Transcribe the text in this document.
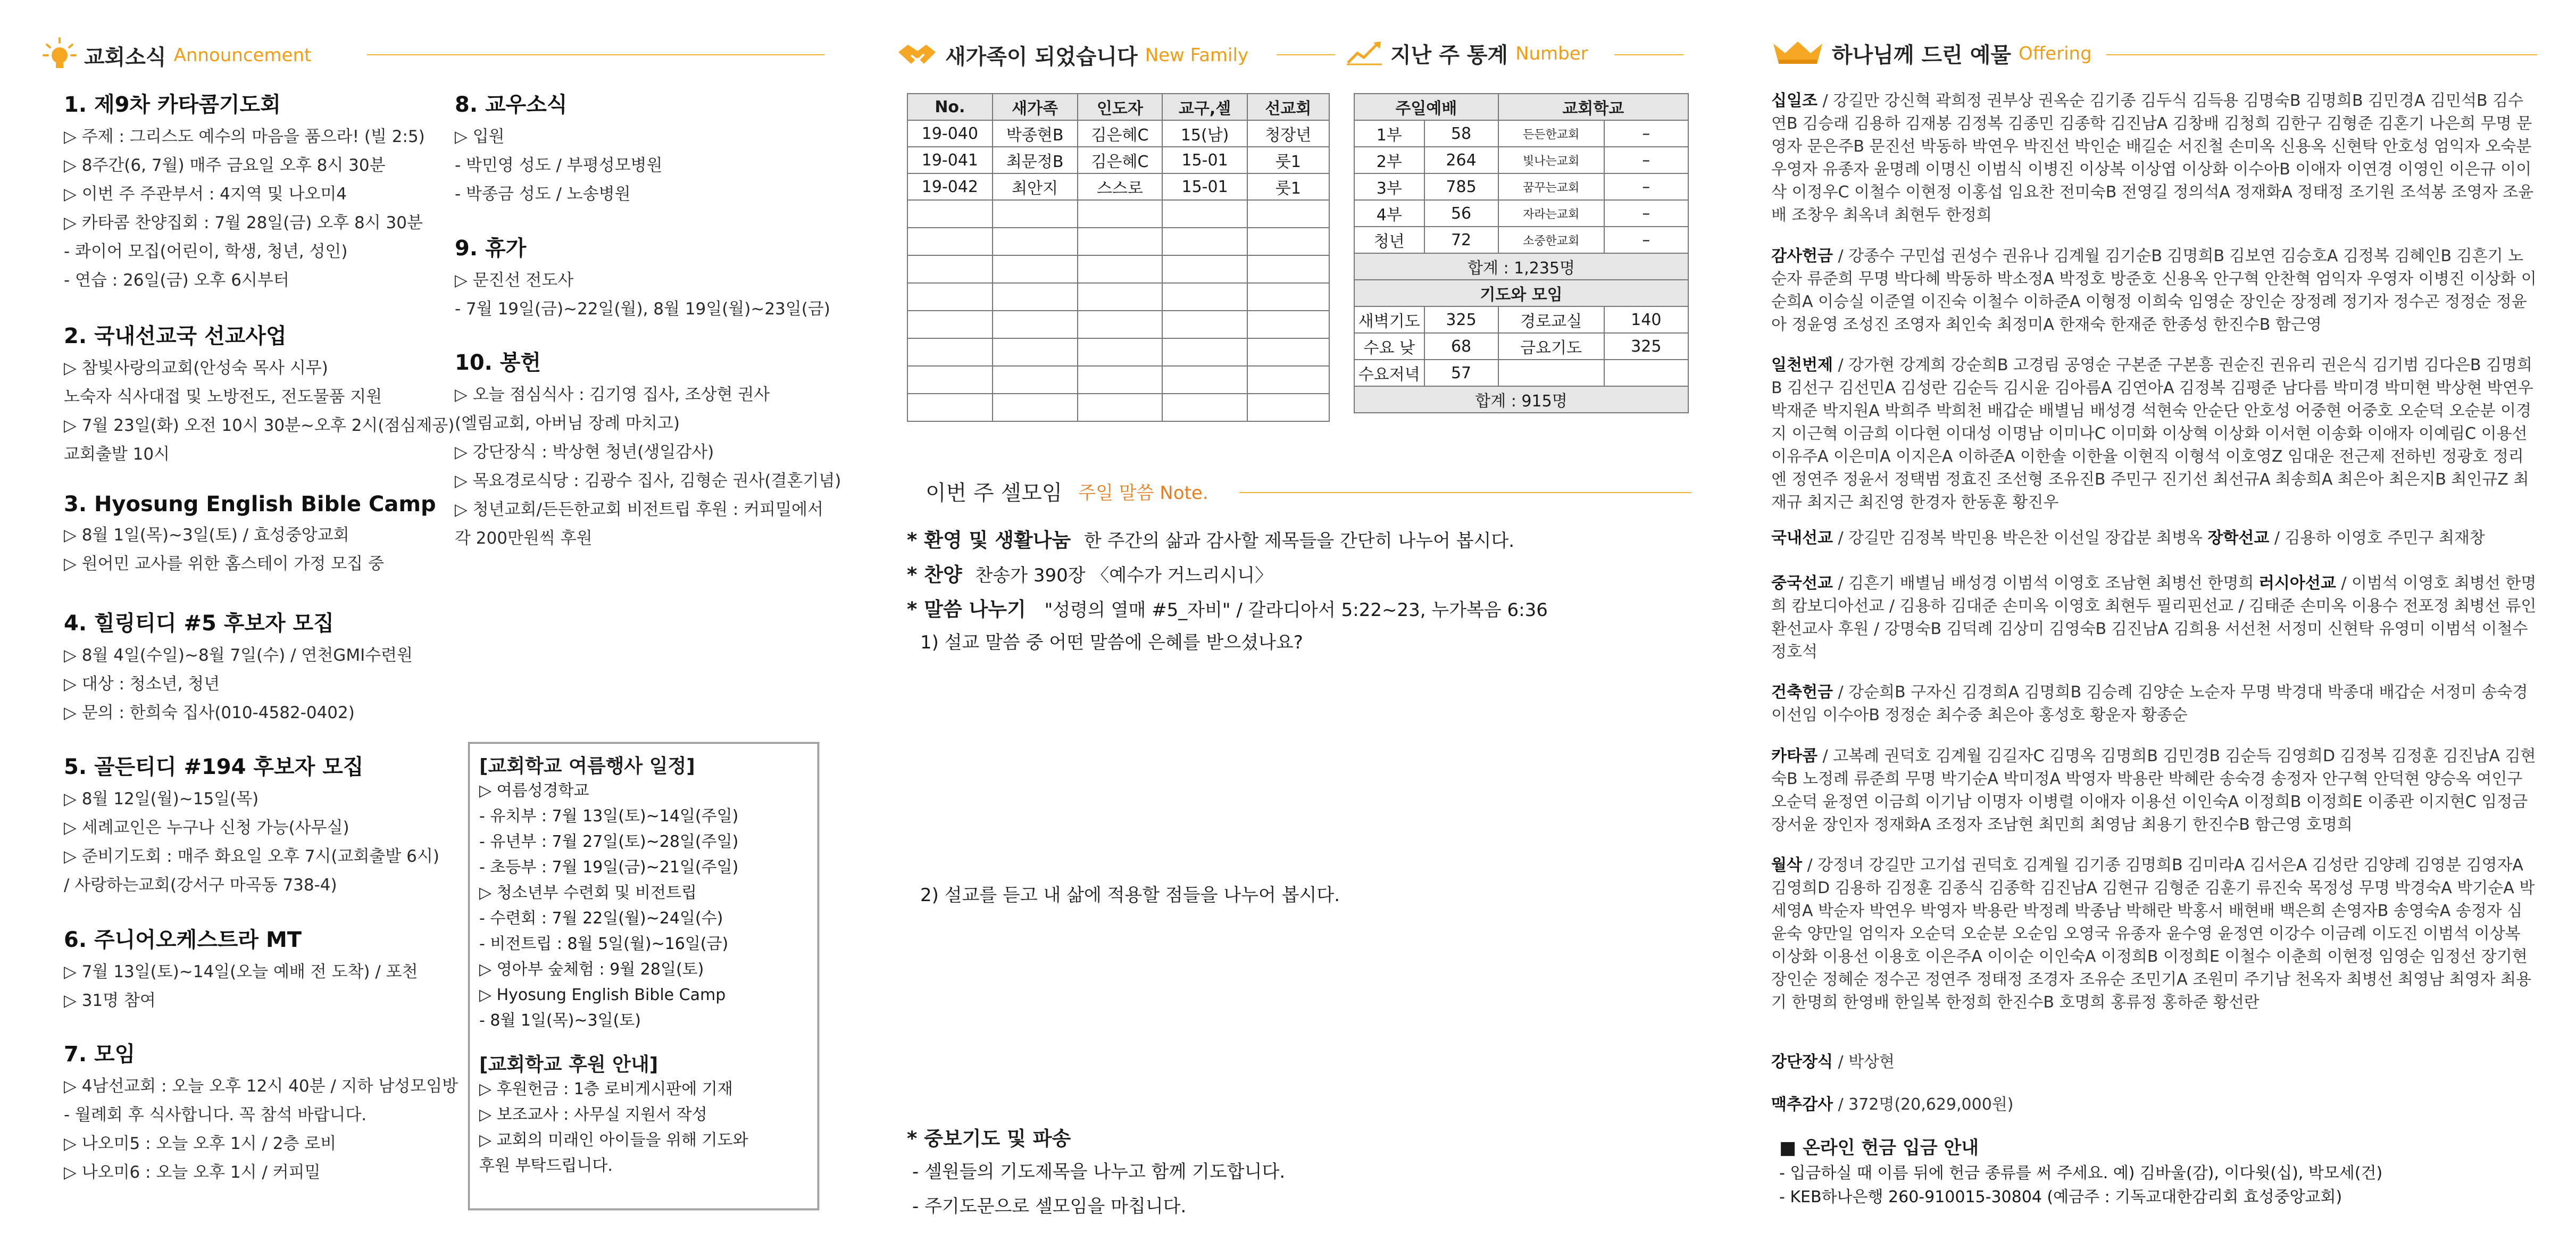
교회소식 Announcement
1. 제9차 카타콤기도회
▷ 주제 : 그리스도 예수의 마음을 품으라! (빌 2:5)
▷ 8주간(6, 7월) 매주 금요일 오후 8시 30분
▷ 이번 주 주관부서 : 4지역 및 나오미4
▷ 카타콤 찬양집회 : 7월 28일(금) 오후 8시 30분
- 콰이어 모집(어린이, 학생, 청년, 성인)
- 연습 : 26일(금) 오후 6시부터
2. 국내선교국 선교사업
▷ 참빛사랑의교회(안성숙 목사 시무)
노숙자 식사대접 및 노방전도, 전도물품 지원
▷ 7월 23일(화) 오전 10시 30분~오후 2시(점심제공)
교회출발 10시
3. Hyosung English Bible Camp
▷ 8월 1일(목)~3일(토) / 효성중앙교회
▷ 원어민 교사를 위한 홈스테이 가정 모집 중
4. 힐링티디 #5 후보자 모집
▷ 8월 4일(수일)~8월 7일(수) / 연천GMI수련원
▷ 대상 : 청소년, 청년
▷ 문의 : 한희숙 집사(010-4582-0402)
5. 골든티디 #194 후보자 모집
▷ 8월 12일(월)~15일(목)
▷ 세례교인은 누구나 신청 가능(사무실)
▷ 준비기도회 : 매주 화요일 오후 7시(교회출발 6시)
/ 사랑하는교회(강서구 마곡동 738-4)
6. 주니어오케스트라 MT
▷ 7월 13일(토)~14일(오늘 예배 전 도착) / 포천
▷ 31명 참여
7. 모임
▷ 4남선교회 : 오늘 오후 12시 40분 / 지하 남성모임방
- 월례회 후 식사합니다. 꼭 참석 바랍니다.
▷ 나오미5 : 오늘 오후 1시 / 2층 로비
▷ 나오미6 : 오늘 오후 1시 / 커피밀
8. 교우소식
▷ 입원
- 박민영 성도 / 부평성모병원
- 박종금 성도 / 노송병원
9. 휴가
▷ 문진선 전도사
- 7월 19일(금)~22일(월), 8월 19일(월)~23일(금)
10. 봉헌
▷ 오늘 점심식사 : 김기영 집사, 조상현 권사
(엘림교회, 아버님 장례 마치고)
▷ 강단장식 : 박상현 청년(생일감사)
▷ 목요경로식당 : 김광수 집사, 김형순 권사(결혼기념)
▷ 청년교회/든든한교회 비전트립 후원 : 커피밀에서
각 200만원씩 후원
[교회학교 여름행사 일정]
▷ 여름성경학교
- 유치부 : 7월 13일(토)~14일(주일)
- 유년부 : 7월 27일(토)~28일(주일)
- 초등부 : 7월 19일(금)~21일(주일)
▷ 청소년부 수련회 및 비전트립
- 수련회 : 7월 22일(월)~24일(수)
- 비전트립 : 8월 5일(월)~16일(금)
▷ 영아부 숲체험 : 9월 28일(토)
▷ Hyosung English Bible Camp
- 8월 1일(목)~3일(토)
[교회학교 후원 안내]
▷ 후원헌금 : 1층 로비게시판에 기재
▷ 보조교사 : 사무실 지원서 작성
▷ 교회의 미래인 아이들을 위해 기도와
후원 부탁드립니다.
새가족이 되었습니다 New Family	지난 주 통계 Number
No.	새가족	인도자	교구,셀	선교회
19-040	박종현B	김은혜C	15(남)	청장년
19-041	최문정B	김은혜C	15-01	룻1
19-042	최안지	스스로	15-01	룻1

주일예배		교회학교	
1부	58	든든한교회	–
2부	264	빛나는교회	–
3부	785	꿈꾸는교회	–
4부	56	자라는교회	–
청년	72	소중한교회	–
합계 : 1,235명			
기도와 모임			
새벽기도	325	경로교실	140
수요 낮	68	금요기도	325
수요저녁	57		
합계 : 915명			
이번 주 셀모임 주일 말씀 Note.
* 환영 및 생활나눔 한 주간의 삶과 감사할 제목들을 간단히 나누어 봅시다.
* 찬양 찬송가 390장 〈예수가 거느리시니〉
* 말씀 나누기 "성령의 열매 #5_자비" / 갈라디아서 5:22~23, 누가복음 6:36
1) 설교 말씀 중 어떤 말씀에 은혜를 받으셨나요?
2) 설교를 듣고 내 삶에 적용할 점들을 나누어 봅시다.
* 중보기도 및 파송
- 셀원들의 기도제목을 나누고 함께 기도합니다.
- 주기도문으로 셀모임을 마칩니다.
하나님께 드린 예물 Offering
십일조 / 강길만 강신혁 곽희정 권부상 권옥순 김기종 김두식 김득용 김명숙B 김명희B 김민경A 김민석B 김수연B 김승래 김용하 김재봉 김정복 김종민 김종학 김진남A 김창배 김청희 김한구 김형준 김혼기 나은희 무명 문영자 문은주B 문진선 박동하 박연우 박진선 박인순 배길순 서진철 손미옥 신용옥 신현탁 안호성 엄익자 오숙분 우영자 유종자 윤명례 이명신 이범식 이병진 이상복 이상엽 이상화 이수아B 이애자 이연경 이영인 이은규 이이삭 이정우C 이철수 이현정 이홍섭 임요찬 전미숙B 전영길 정의석A 정재화A 정태정 조기원 조석봉 조영자 조윤배 조창우 최옥녀 최현두 한정희
감사헌금 / 강종수 구민섭 권성수 권유나 김계월 김기순B 김명희B 김보연 김승호A 김정복 김혜인B 김흔기 노순자 류준희 무명 박다혜 박동하 박소정A 박정호 방준호 신용옥 안구혁 안찬혁 엄익자 우영자 이병진 이상화 이순희A 이승실 이준열 이진숙 이철수 이하준A 이형정 이희숙 임영순 장인순 장정례 정기자 정수곤 정정순 정윤아 정윤영 조성진 조영자 최인숙 최정미A 한재숙 한재준 한종성 한진수B 함근영
일천번제 / 강가현 강계희 강순희B 고경림 공영순 구본준 구본흥 권순진 권유리 권은식 김기범 김다은B 김명희B 김선구 김선민A 김성란 김순득 김시윤 김아름A 김연아A 김정복 김평준 남다름 박미경 박미현 박상현 박연우 박재준 박지원A 박희주 박희천 배갑순 배별님 배성경 석현숙 안순단 안호성 어중현 어중호 오순덕 오순분 이경지 이근혁 이금희 이다현 이대성 이명남 이미나C 이미화 이상혁 이상화 이서현 이송화 이애자 이예림C 이용선 이유주A 이은미A 이지은A 이하준A 이한솔 이한율 이현직 이형석 이호영Z 임대운 전근제 전하빈 정광호 정리엔 정연주 정윤서 정택범 정효진 조선형 조유진B 주민구 진기선 최선규A 최송희A 최은아 최은지B 최인규Z 최재규 최지근 최진영 한경자 한동훈 황진우
국내선교 / 강길만 김정복 박민용 박은찬 이선일 장갑분 최병옥 장학선교 / 김용하 이영호 주민구 최재창
중국선교 / 김흔기 배별님 배성경 이범석 이영호 조남현 최병선 한명희 러시아선교 / 이범석 이영호 최병선 한명희 캄보디아선교 / 김용하 김대준 손미옥 이영호 최현두 필리핀선교 / 김태준 손미옥 이용수 전포정 최병선 류인환선교사 후원 / 강명숙B 김덕례 김상미 김영숙B 김진남A 김희용 서선천 서정미 신현탁 유영미 이범석 이철수 정호석
건축헌금 / 강순희B 구자신 김경희A 김명희B 김승례 김양순 노순자 무명 박경대 박종대 배갑순 서정미 송숙경 이선임 이수아B 정정순 최수중 최은아 홍성호 황운자 황종순
카타콤 / 고복례 권덕호 김계월 김길자C 김명옥 김명희B 김민경B 김순득 김영희D 김정복 김정훈 김진남A 김현숙B 노정례 류준희 무명 박기순A 박미정A 박영자 박용란 박혜란 송숙경 송정자 안구혁 안덕현 양승옥 여인구 오순덕 윤정연 이금희 이기남 이명자 이병렬 이애자 이용선 이인숙A 이정희B 이정희E 이종관 이지현C 임정금 장서윤 장인자 정재화A 조정자 조남현 최민희 최영남 최용기 한진수B 함근영 호명희
월삭 / 강정녀 강길만 고기섭 권덕호 김계월 김기종 김명희B 김미라A 김서은A 김성란 김양례 김영분 김영자A 김영희D 김용하 김정훈 김종식 김종학 김진남A 김현규 김형준 김훈기 류진숙 목정성 무명 박경숙A 박기순A 박세영A 박순자 박연우 박영자 박용란 박정례 박종남 박해란 박홍서 배현배 백은희 손영자B 송영숙A 송정자 심윤숙 양만일 엄익자 오순덕 오순분 오순임 오영국 유종자 윤수영 윤정연 이강수 이금례 이도진 이범석 이상복 이상화 이용선 이용호 이은주A 이이순 이인숙A 이정희B 이정희E 이철수 이춘희 이현정 임영순 임정선 장기현 장인순 정혜순 정수곤 정연주 정태정 조경자 조유순 조민기A 조원미 주기남 천옥자 최병선 최영남 최영자 최용기 한명희 한영배 한일복 한정희 한진수B 호명희 홍류정 홍하준 황선란
강단장식 / 박상현
맥추감사 / 372명(20,629,000원)
■ 온라인 헌금 입금 안내
- 입금하실 때 이름 뒤에 헌금 종류를 써 주세요. 예) 김바울(감), 이다윗(십), 박모세(건)
- KEB하나은행 260-910015-30804 (예금주 : 기독교대한감리회 효성중앙교회)
